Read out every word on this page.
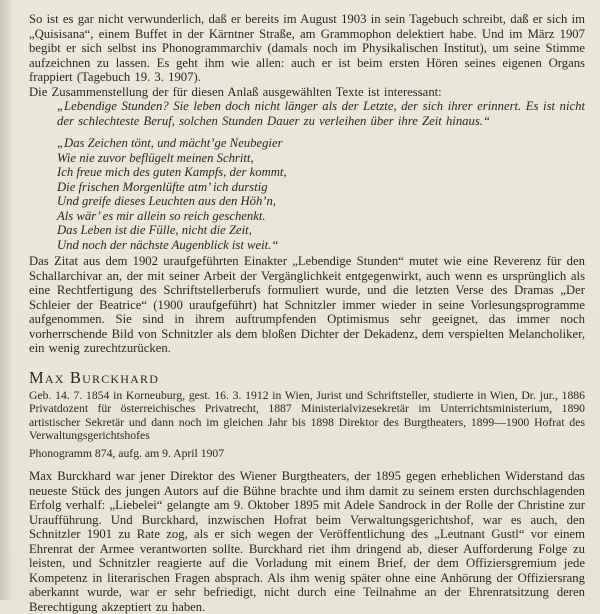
So ist es gar nicht verwunderlich, daß er bereits im August 1903 in sein Tagebuch schreibt, daß er sich im „Quisisana“, einem Buffet in der Kärntner Straße, am Grammophon delektiert habe. Und im März 1907 begibt er sich selbst ins Phonogrammarchiv (damals noch im Physikalischen Institut), um seine Stimme aufzeichnen zu lassen. Es geht ihm wie allen: auch er ist beim ersten Hören seines eigenen Organs frappiert (Tagebuch 19. 3. 1907).

Die Zusammenstellung der für diesen Anlaß ausgewählten Texte ist interessant:

„Lebendige Stunden? Sie leben doch nicht länger als der Letzte, der sich ihrer erinnert. Es ist nicht der schlechteste Beruf, solchen Stunden Dauer zu verleihen über ihre Zeit hinaus.“
„Das Zeichen tönt, und mächt’ge Neubegier
Wie nie zuvor beflügelt meinen Schritt,
Ich freue mich des guten Kampfs, der kommt,
Die frischen Morgenlüfte atm’ ich durstig
Und greife dieses Leuchten aus den Höh’n,
Als wär’ es mir allein so reich geschenkt.
Das Leben ist die Fülle, nicht die Zeit,
Und noch der nächste Augenblick ist weit.“

Das Zitat aus dem 1902 uraufgeführten Einakter „Lebendige Stunden“ mutet wie eine Reverenz für den Schallarchivar an, der mit seiner Arbeit der Vergänglichkeit entgegenwirkt, auch wenn es ursprünglich als eine Rechtfertigung des Schriftstellerberufs formuliert wurde, und die letzten Verse des Dramas „Der Schleier der Beatrice“ (1900 uraufgeführt) hat Schnitzler immer wieder in seine Vorlesungsprogramme aufgenommen. Sie sind in ihrem auftrumpfenden Optimismus sehr geeignet, das immer noch vorherrschende Bild von Schnitzler als dem bloßen Dichter der Dekadenz, dem verspielten Melancholiker, ein wenig zurechtzurücken.

Max Burckhard

Geb. 14. 7. 1854 in Korneuburg, gest. 16. 3. 1912 in Wien, Jurist und Schriftsteller, studierte in Wien, Dr. jur., 1886 Privatdozent für österreichisches Privatrecht, 1887 Ministerialvizesekretär im Unterrichtsministerium, 1890 artistischer Sekretär und dann noch im gleichen Jahr bis 1898 Direktor des Burgtheaters, 1899—1900 Hofrat des Verwaltungsgerichtshofes

Phonogramm 874, aufg. am 9. April 1907

Max Burckhard war jener Direktor des Wiener Burgtheaters, der 1895 gegen erheblichen Widerstand das neueste Stück des jungen Autors auf die Bühne brachte und ihm damit zu seinem ersten durchschlagenden Erfolg verhalf: „Liebelei“ gelangte am 9. Oktober 1895 mit Adele Sandrock in der Rolle der Christine zur Uraufführung. Und Burckhard, inzwischen Hofrat beim Verwaltungsgerichtshof, war es auch, den Schnitzler 1901 zu Rate zog, als er sich wegen der Veröffentlichung des „Leutnant Gustl“ vor einem Ehrenrat der Armee verantworten sollte. Burckhard riet ihm dringend ab, dieser Aufforderung Folge zu leisten, und Schnitzler reagierte auf die Vorladung mit einem Brief, der dem Offiziersgremium jede Kompetenz in literarischen Fragen absprach. Als ihm wenig später ohne eine Anhörung der Offiziersrang aberkannt wurde, war er sehr befriedigt, nicht durch eine Teilnahme an der Ehrenratsitzung deren Berechtigung akzeptiert zu haben.
